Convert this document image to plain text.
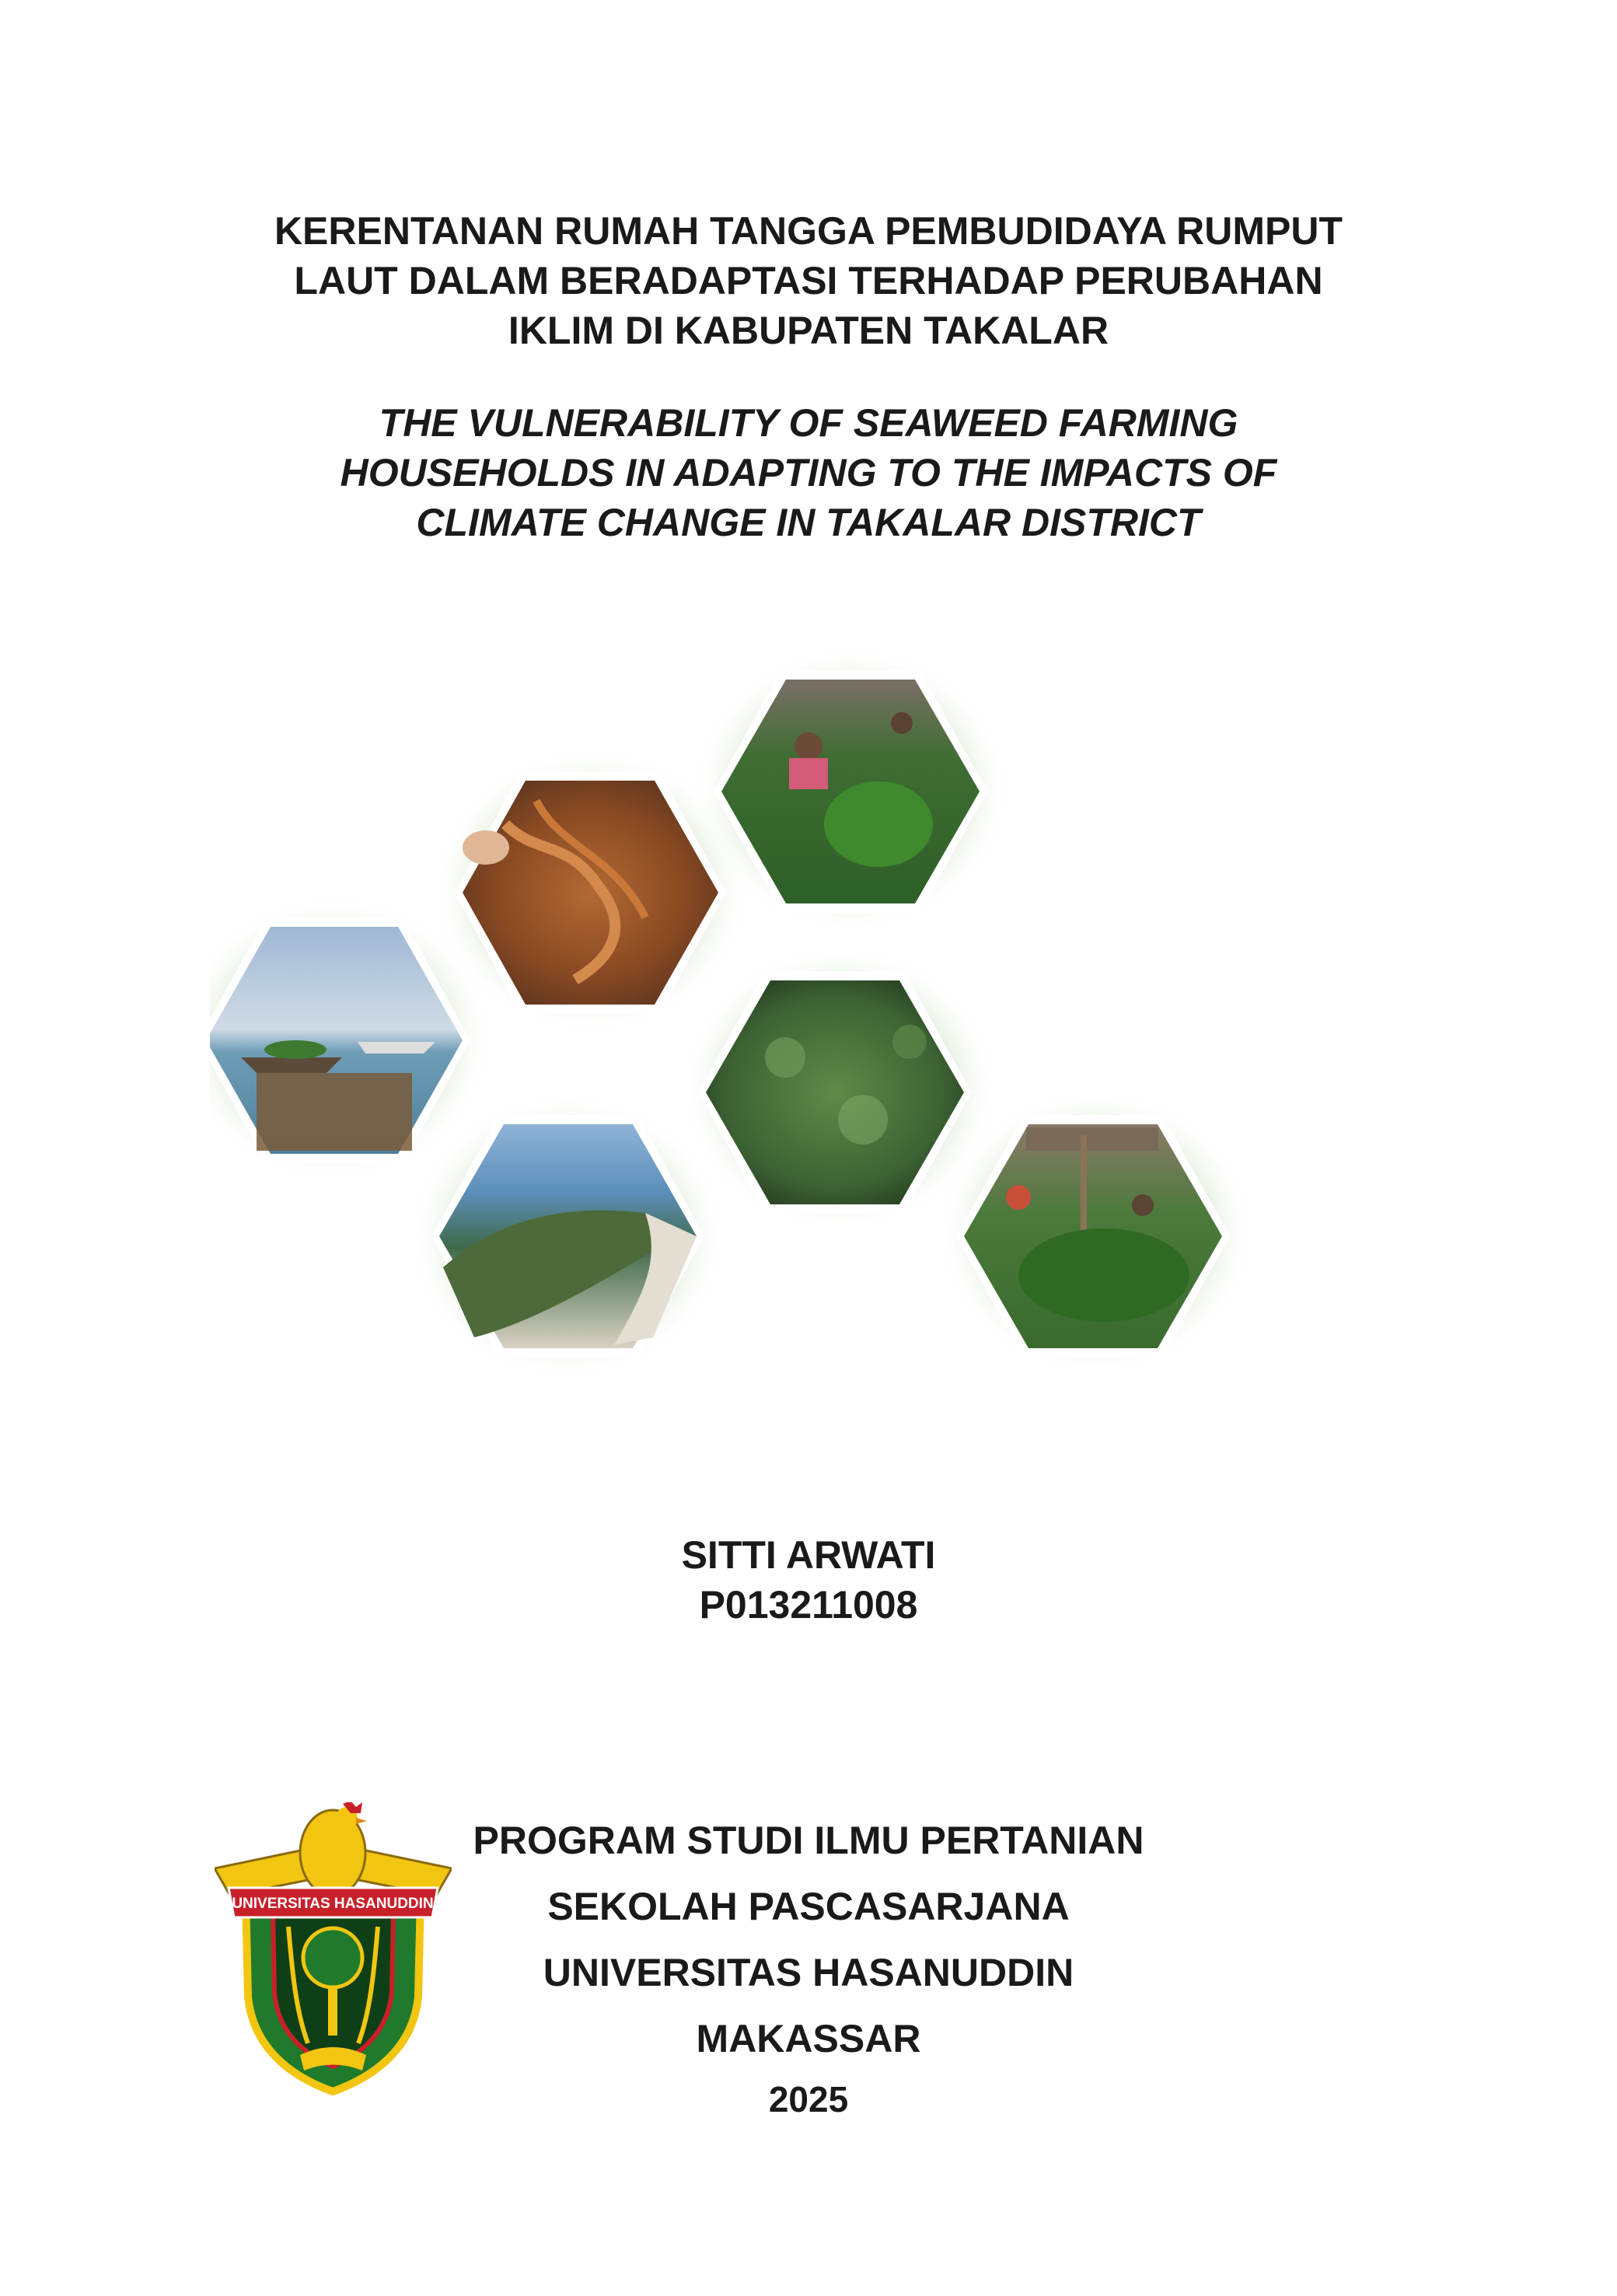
KERENTANAN RUMAH TANGGA PEMBUDIDAYA RUMPUT
LAUT DALAM BERADAPTASI TERHADAP PERUBAHAN
IKLIM DI KABUPATEN TAKALAR
THE VULNERABILITY OF SEAWEED FARMING
HOUSEHOLDS IN ADAPTING TO THE IMPACTS OF
CLIMATE CHANGE IN TAKALAR DISTRICT
SITTI ARWATI
P013211008
UNIVERSITAS HASANUDDIN
PROGRAM STUDI ILMU PERTANIAN
SEKOLAH PASCASARJANA
UNIVERSITAS HASANUDDIN
MAKASSAR
2025
